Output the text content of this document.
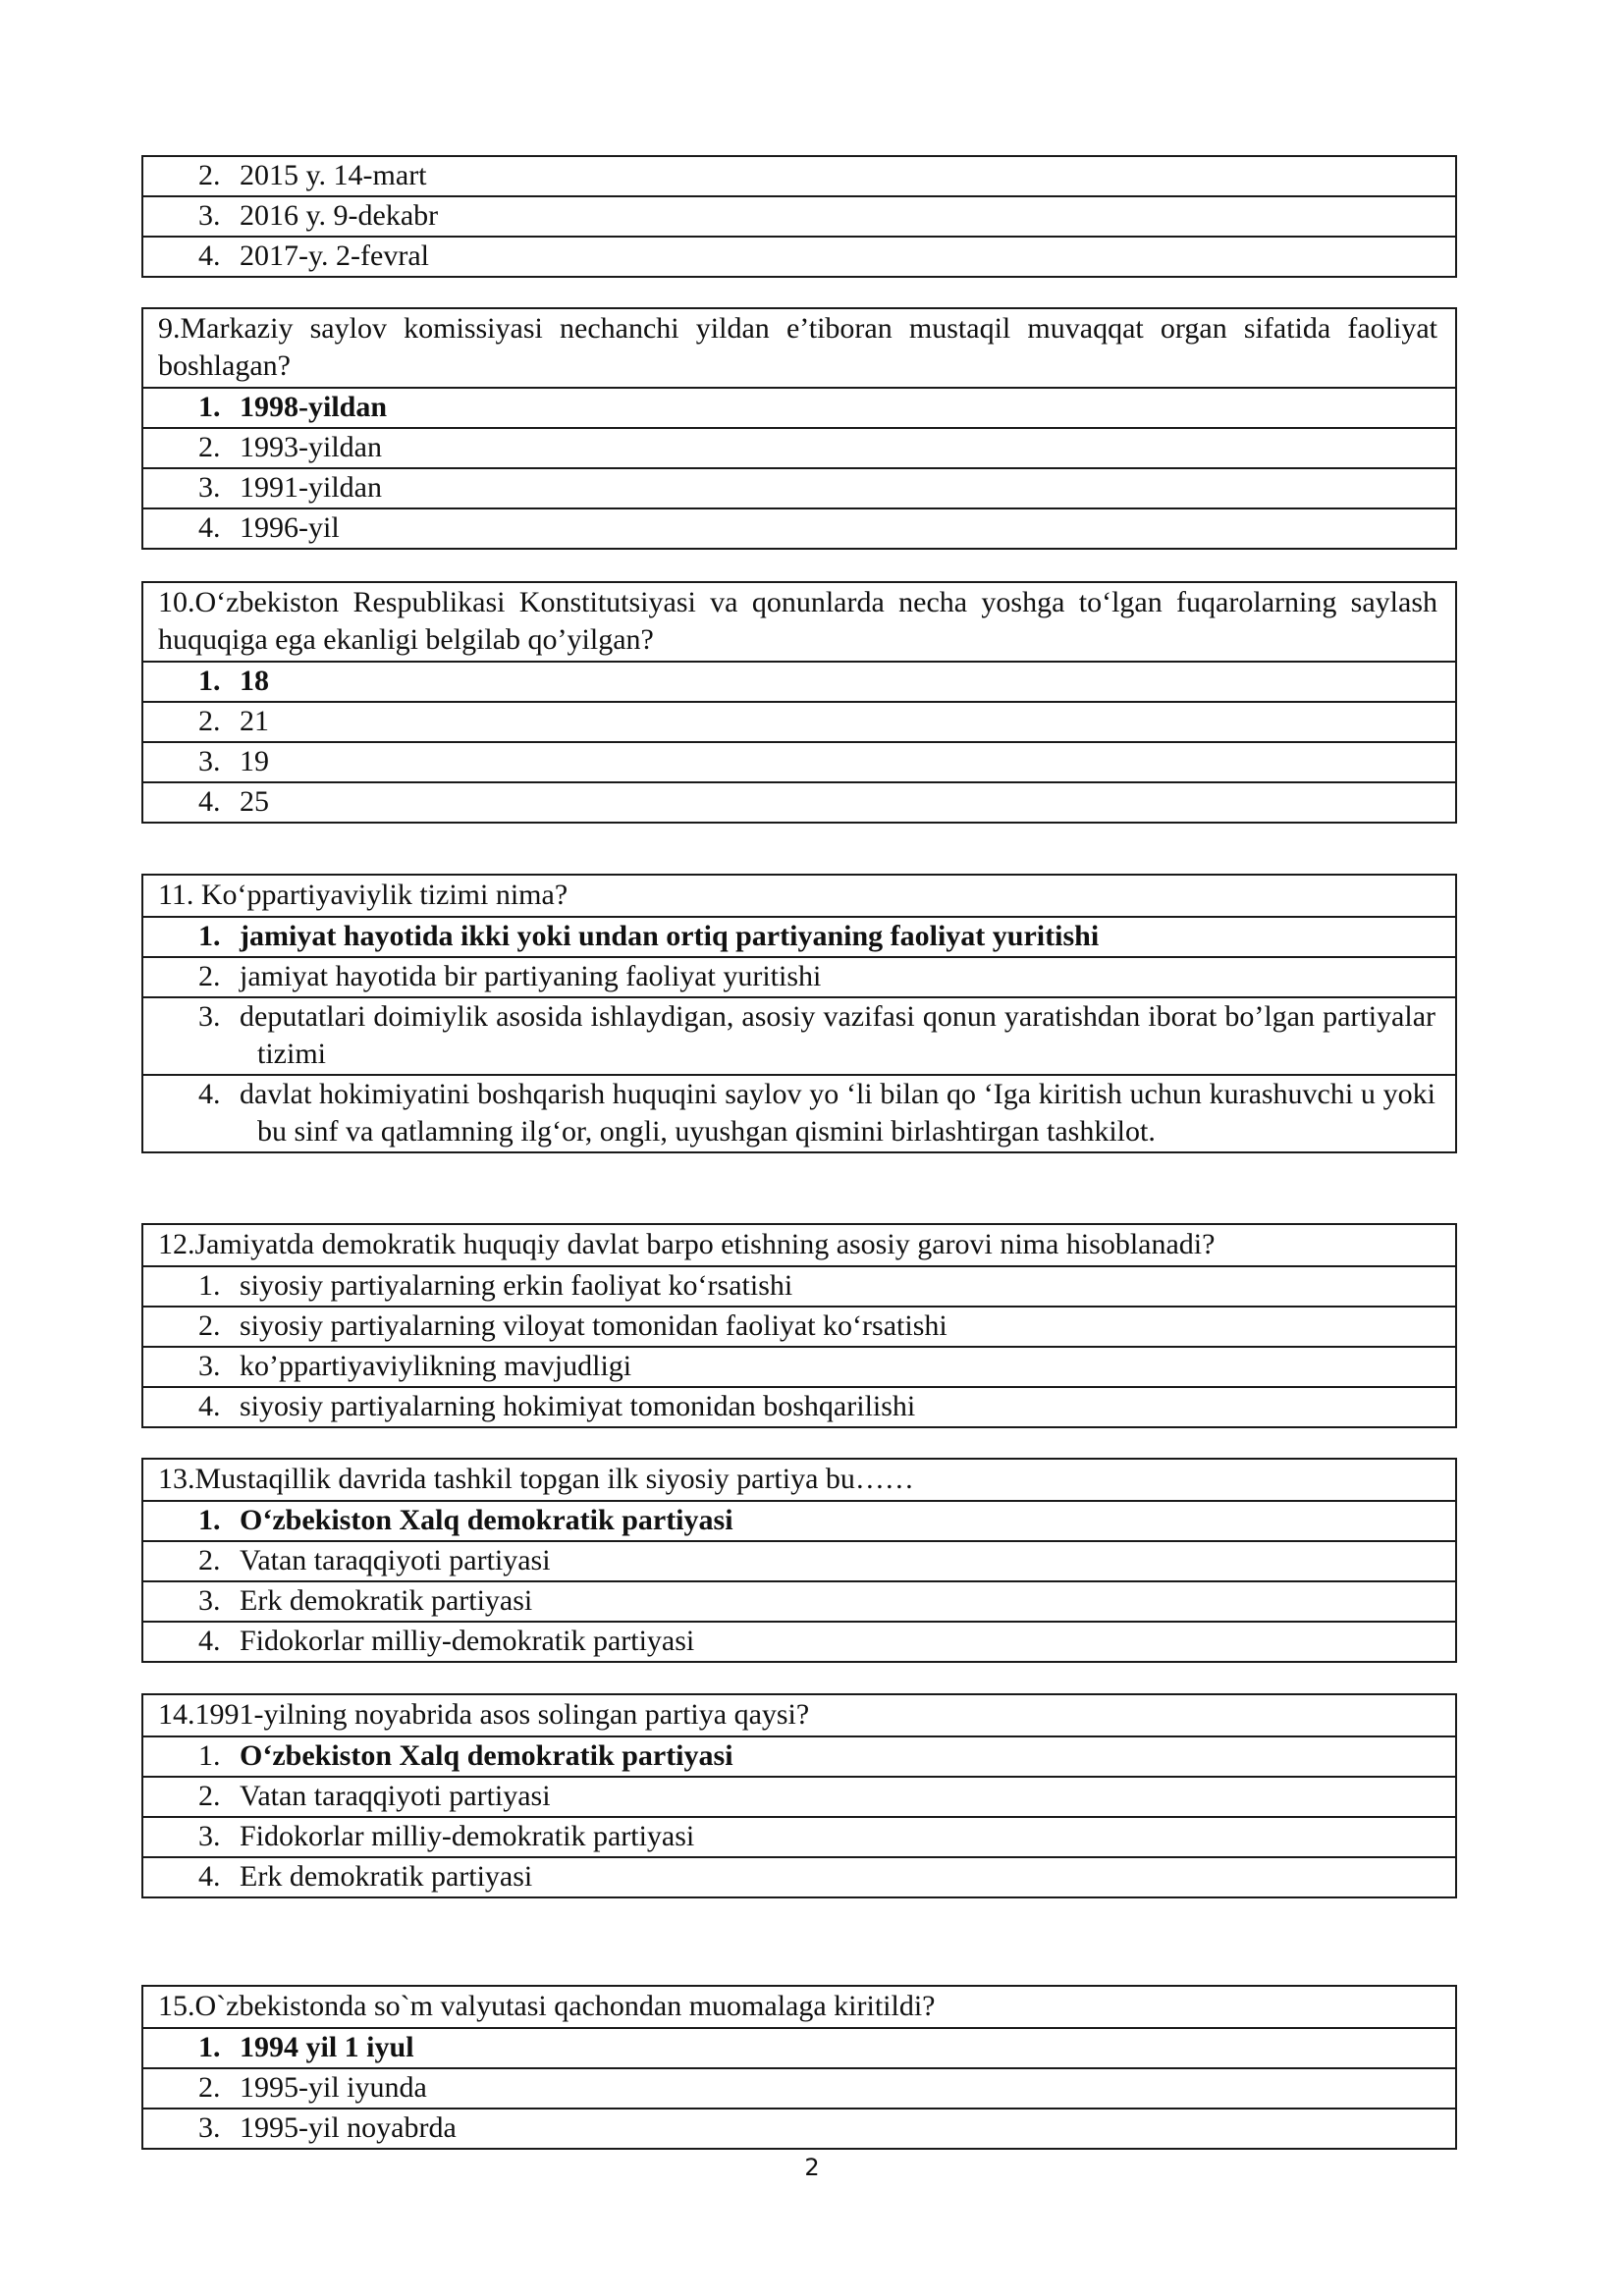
2. 2015 y. 14-mart
3. 2016 y. 9-dekabr
4. 2017-y. 2-fevral
9.Markaziy saylov komissiyasi nechanchi yildan e’tiboran mustaqil muvaqqat organ sifatida faoliyat boshlagan?
1. 1998-yildan
2. 1993-yildan
3. 1991-yildan
4. 1996-yil
10.O‘zbekiston Respublikasi Konstitutsiyasi va qonunlarda necha yoshga to‘lgan fuqarolarning saylash huquqiga ega ekanligi belgilab qo’yilgan?
1. 18
2. 21
3. 19
4. 25
11. Ko‘ppartiyaviylik tizimi nima?
1. jamiyat hayotida ikki yoki undan ortiq partiyaning faoliyat yuritishi
2. jamiyat hayotida bir partiyaning faoliyat yuritishi
3. deputatlari doimiylik asosida ishlaydigan, asosiy vazifasi qonun yaratishdan iborat bo’lgan partiyalar tizimi
4. davlat hokimiyatini boshqarish huquqini saylov yo ‘li bilan qo ‘Iga kiritish uchun kurashuvchi u yoki bu sinf va qatlamning ilg‘or, ongli, uyushgan qismini birlashtirgan tashkilot.
12.Jamiyatda demokratik huquqiy davlat barpo etishning asosiy garovi nima hisoblanadi?
1. siyosiy partiyalarning erkin faoliyat ko‘rsatishi
2. siyosiy partiyalarning viloyat tomonidan faoliyat ko‘rsatishi
3. ko’ppartiyaviylikning mavjudligi
4. siyosiy partiyalarning hokimiyat tomonidan boshqarilishi
13.Mustaqillik davrida tashkil topgan ilk siyosiy partiya bu……
1. O‘zbekiston Xalq demokratik partiyasi
2. Vatan taraqqiyoti partiyasi
3. Erk demokratik partiyasi
4. Fidokorlar milliy-demokratik partiyasi
14.1991-yilning noyabrida asos solingan partiya qaysi?
1. O‘zbekiston Xalq demokratik partiyasi
2. Vatan taraqqiyoti partiyasi
3. Fidokorlar milliy-demokratik partiyasi
4. Erk demokratik partiyasi
15.O`zbekistonda so`m valyutasi qachondan muomalaga kiritildi?
1. 1994 yil 1 iyul
2. 1995-yil iyunda
3. 1995-yil noyabrda
2
